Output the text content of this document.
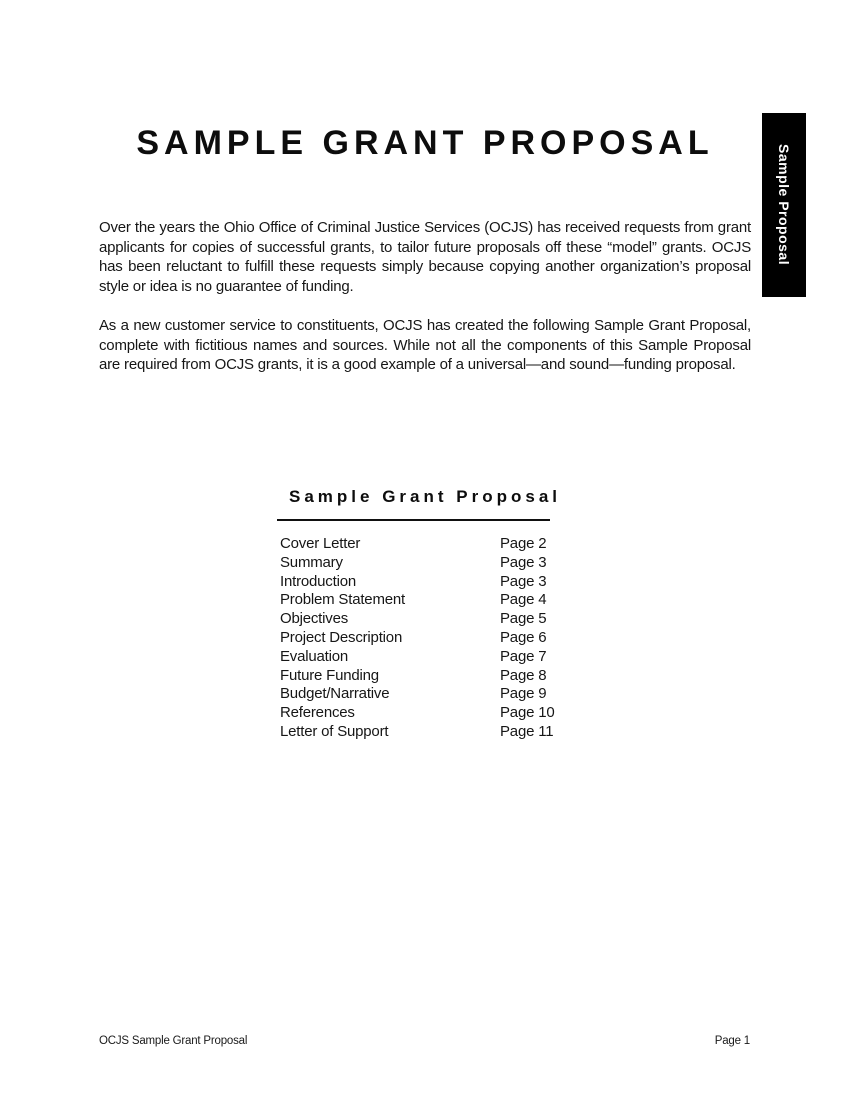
SAMPLE GRANT PROPOSAL
Sample Proposal

Over the years the Ohio Office of Criminal Justice Services (OCJS) has received requests from grant applicants for copies of successful grants, to tailor future proposals off these “model” grants. OCJS has been reluctant to fulfill these requests simply because copying another organization’s proposal style or idea is no guarantee of funding.

As a new customer service to constituents, OCJS has created the following Sample Grant Proposal, complete with fictitious names and sources. While not all the components of this Sample Proposal are required from OCJS grants, it is a good example of a universal—and sound—funding proposal.

Sample Grant Proposal
Cover Letter	Page 2
Summary	Page 3
Introduction	Page 3
Problem Statement	Page 4
Objectives	Page 5
Project Description	Page 6
Evaluation	Page 7
Future Funding	Page 8
Budget/Narrative	Page 9
References	Page 10
Letter of Support	Page 11
OCJS Sample Grant Proposal	Page 1
